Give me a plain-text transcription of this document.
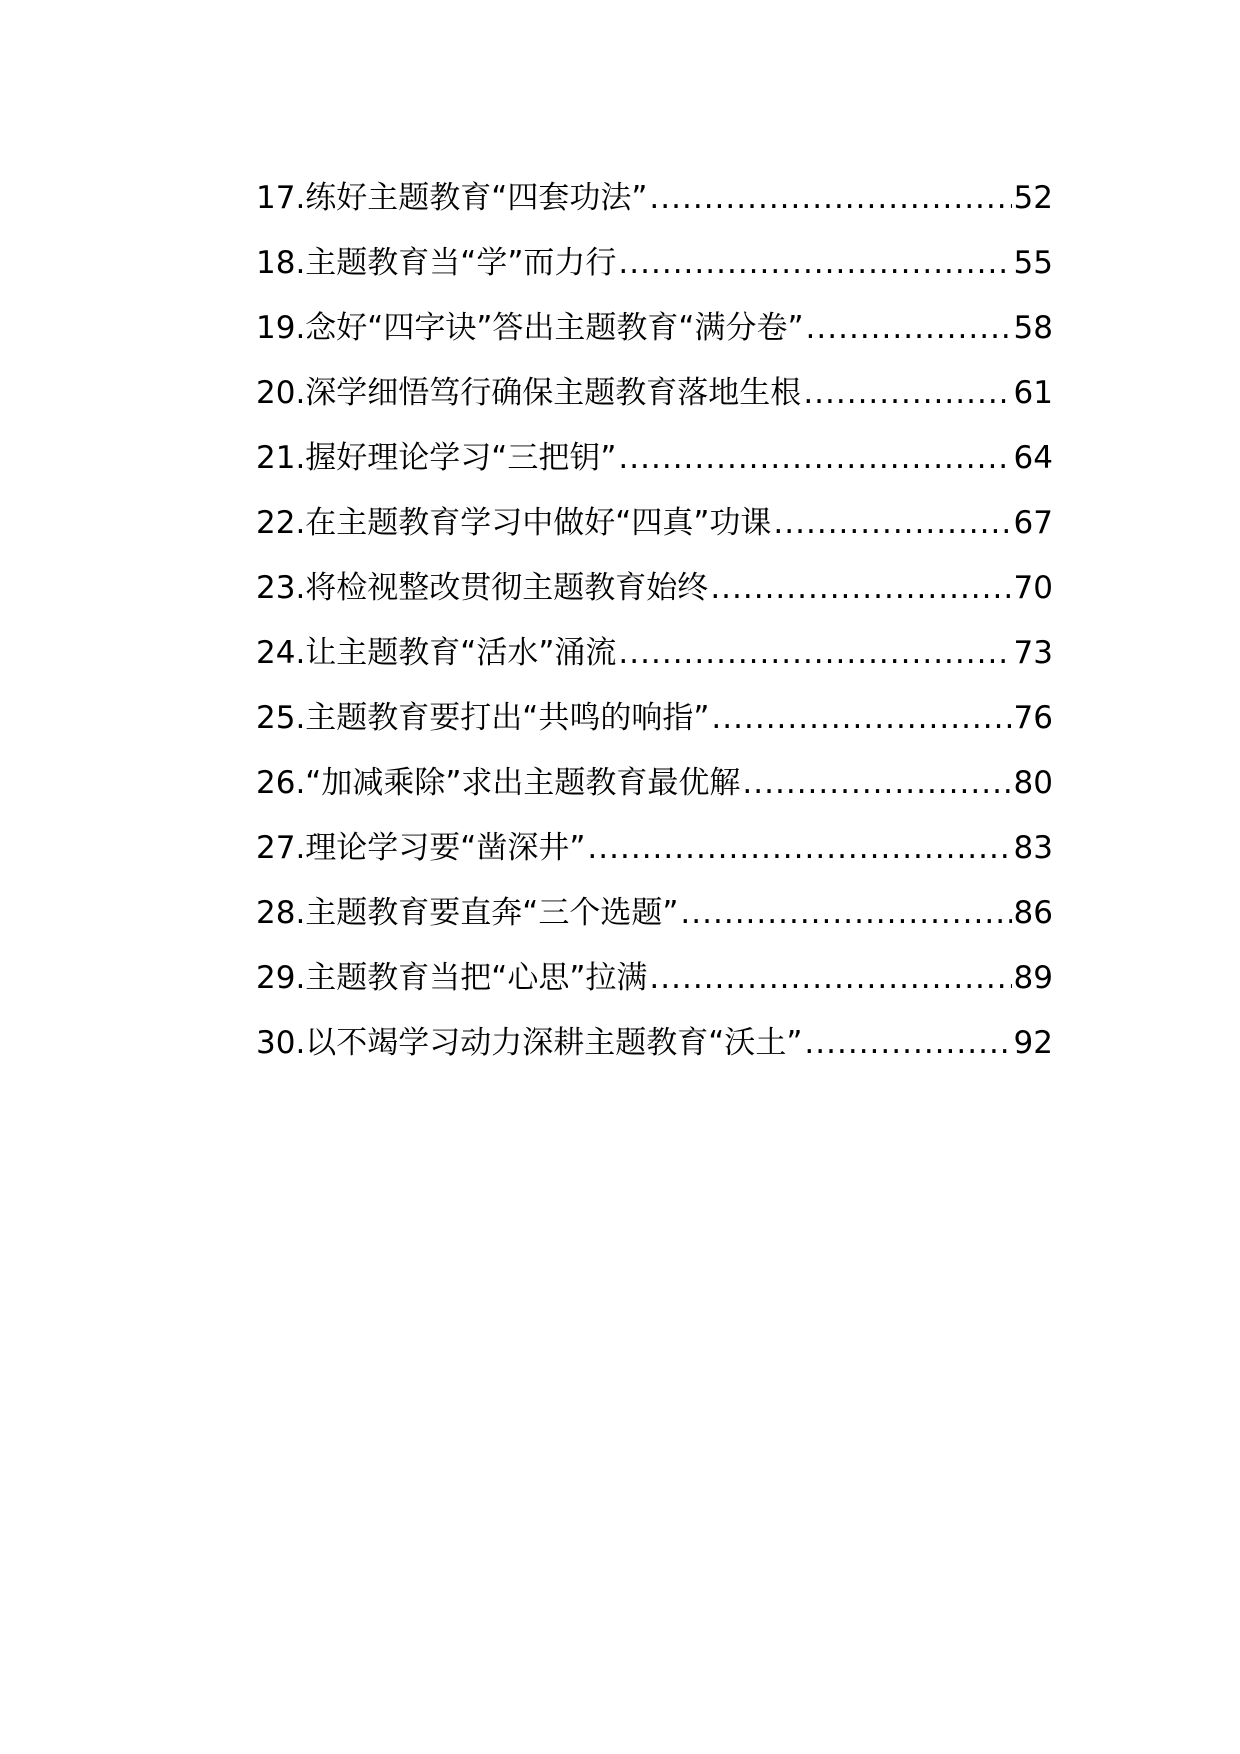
17.练好主题教育“四套功法” .....	52
18.主题教育当“学”而力行 .....	55
19.念好“四字诀”答出主题教育“满分卷” .....	58
20.深学细悟笃行确保主题教育落地生根 .....	61
21.握好理论学习“三把钥” .....	64
22.在主题教育学习中做好“四真”功课 .....	67
23.将检视整改贯彻主题教育始终 .....	70
24.让主题教育“活水”涌流 .....	73
25.主题教育要打出“共鸣的响指” .....	76
26.“加减乘除”求出主题教育最优解 .....	80
27.理论学习要“凿深井” .....	83
28.主题教育要直奔“三个选题” .....	86
29.主题教育当把“心思”拉满 .....	89
30.以不竭学习动力深耕主题教育“沃土” .....	92
